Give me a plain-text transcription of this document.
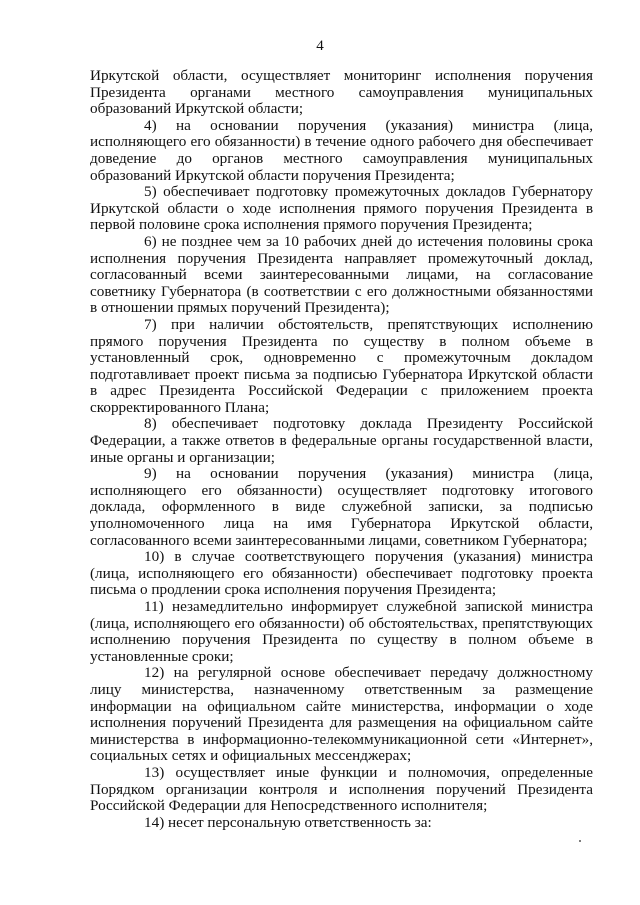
4

Иркутской области, осуществляет мониторинг исполнения поручения Президента органами местного самоуправления муниципальных образований Иркутской области;

4) на основании поручения (указания) министра (лица, исполняющего его обязанности) в течение одного рабочего дня обеспечивает доведение до органов местного самоуправления муниципальных образований Иркутской области поручения Президента;

5) обеспечивает подготовку промежуточных докладов Губернатору Иркутской области о ходе исполнения прямого поручения Президента в первой половине срока исполнения прямого поручения Президента;

6) не позднее чем за 10 рабочих дней до истечения половины срока исполнения поручения Президента направляет промежуточный доклад, согласованный всеми заинтересованными лицами, на согласование советнику Губернатора (в соответствии с его должностными обязанностями в отношении прямых поручений Президента);

7) при наличии обстоятельств, препятствующих исполнению прямого поручения Президента по существу в полном объеме в установленный срок, одновременно с промежуточным докладом подготавливает проект письма за подписью Губернатора Иркутской области в адрес Президента Российской Федерации с приложением проекта скорректированного Плана;

8) обеспечивает подготовку доклада Президенту Российской Федерации, а также ответов в федеральные органы государственной власти, иные органы и организации;

9) на основании поручения (указания) министра (лица, исполняющего его обязанности) осуществляет подготовку итогового доклада, оформленного в виде служебной записки, за подписью уполномоченного лица на имя Губернатора Иркутской области, согласованного всеми заинтересованными лицами, советником Губернатора;

10) в случае соответствующего поручения (указания) министра (лица, исполняющего его обязанности) обеспечивает подготовку проекта письма о продлении срока исполнения поручения Президента;

11) незамедлительно информирует служебной запиской министра (лица, исполняющего его обязанности) об обстоятельствах, препятствующих исполнению поручения Президента по существу в полном объеме в установленные сроки;

12) на регулярной основе обеспечивает передачу должностному лицу министерства, назначенному ответственным за размещение информации на официальном сайте министерства, информации о ходе исполнения поручений Президента для размещения на официальном сайте министерства в информационно-телекоммуникационной сети «Интернет», социальных сетях и официальных мессенджерах;

13) осуществляет иные функции и полномочия, определенные Порядком организации контроля и исполнения поручений Президента Российской Федерации для Непосредственного исполнителя;

14) несет персональную ответственность за:
